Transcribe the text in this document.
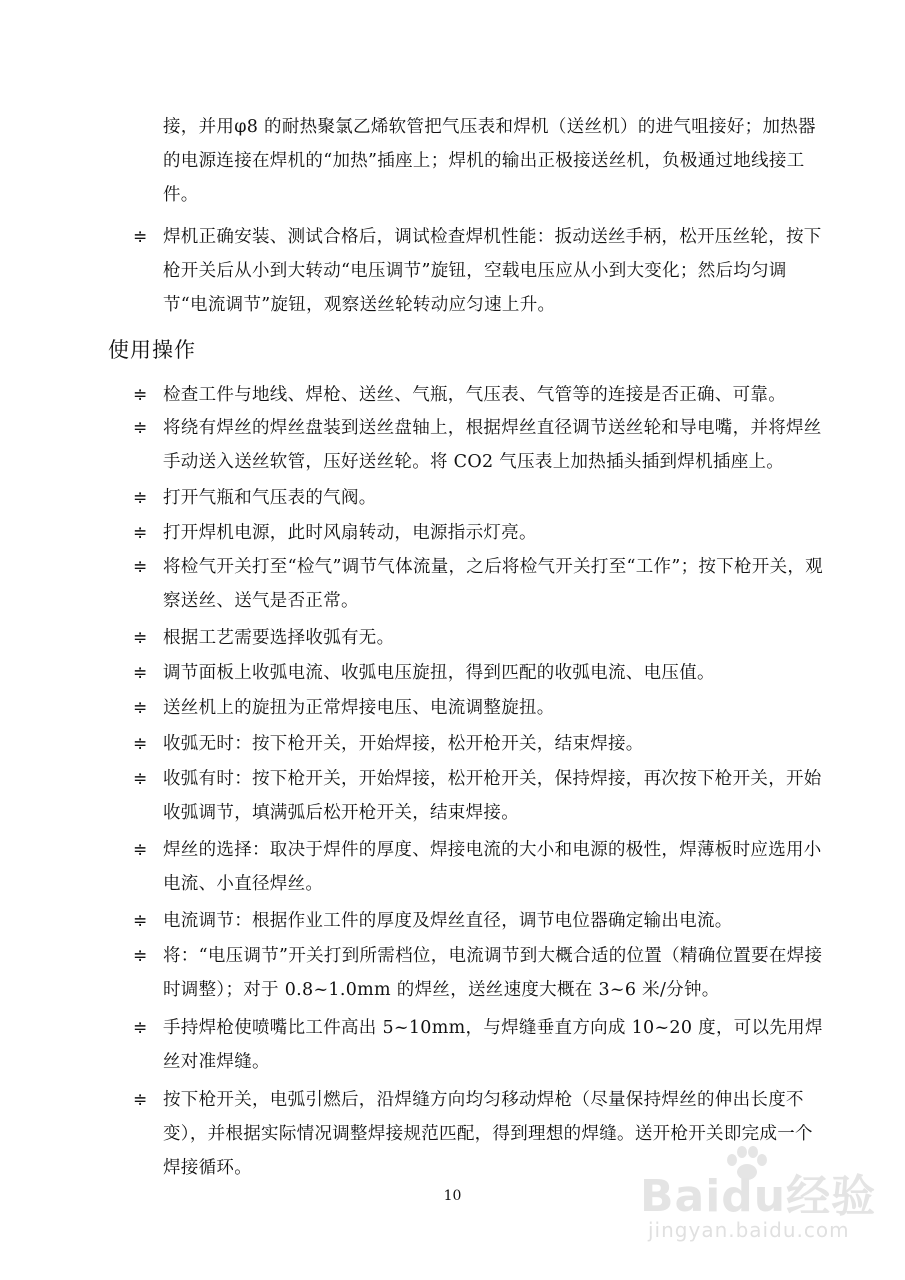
接，并用φ8 的耐热聚氯乙烯软管把气压表和焊机（送丝机）的进气咀接好；加热器的电源连接在焊机的“加热”插座上；焊机的输出正极接送丝机，负极通过地线接工件。

≑ 焊机正确安装、测试合格后，调试检查焊机性能：扳动送丝手柄，松开压丝轮，按下枪开关后从小到大转动“电压调节”旋钮，空载电压应从小到大变化；然后均匀调节“电流调节”旋钮，观察送丝轮转动应匀速上升。
使用操作
≑ 检查工件与地线、焊枪、送丝、气瓶，气压表、气管等的连接是否正确、可靠。
≑ 将绕有焊丝的焊丝盘装到送丝盘轴上，根据焊丝直径调节送丝轮和导电嘴，并将焊丝手动送入送丝软管，压好送丝轮。将 CO2 气压表上加热插头插到焊机插座上。
≑ 打开气瓶和气压表的气阀。
≑ 打开焊机电源，此时风扇转动，电源指示灯亮。
≑ 将检气开关打至“检气”调节气体流量，之后将检气开关打至“工作”；按下枪开关，观察送丝、送气是否正常。
≑ 根据工艺需要选择收弧有无。
≑ 调节面板上收弧电流、收弧电压旋扭，得到匹配的收弧电流、电压值。
≑ 送丝机上的旋扭为正常焊接电压、电流调整旋扭。
≑ 收弧无时：按下枪开关，开始焊接，松开枪开关，结束焊接。
≑ 收弧有时：按下枪开关，开始焊接，松开枪开关，保持焊接，再次按下枪开关，开始收弧调节，填满弧后松开枪开关，结束焊接。
≑ 焊丝的选择：取决于焊件的厚度、焊接电流的大小和电源的极性，焊薄板时应选用小电流、小直径焊丝。
≑ 电流调节：根据作业工件的厚度及焊丝直径，调节电位器确定输出电流。
≑ 将：“电压调节”开关打到所需档位，电流调节到大概合适的位置（精确位置要在焊接时调整）；对于 0.8~1.0mm 的焊丝，送丝速度大概在 3~6 米/分钟。
≑ 手持焊枪使喷嘴比工件高出 5~10mm，与焊缝垂直方向成 10~20 度，可以先用焊丝对准焊缝。
≑ 按下枪开关，电弧引燃后，沿焊缝方向均匀移动焊枪（尽量保持焊丝的伸出长度不变），并根据实际情况调整焊接规范匹配，得到理想的焊缝。送开枪开关即完成一个焊接循环。
10	Baidu经验
jingyan.baidu.com
